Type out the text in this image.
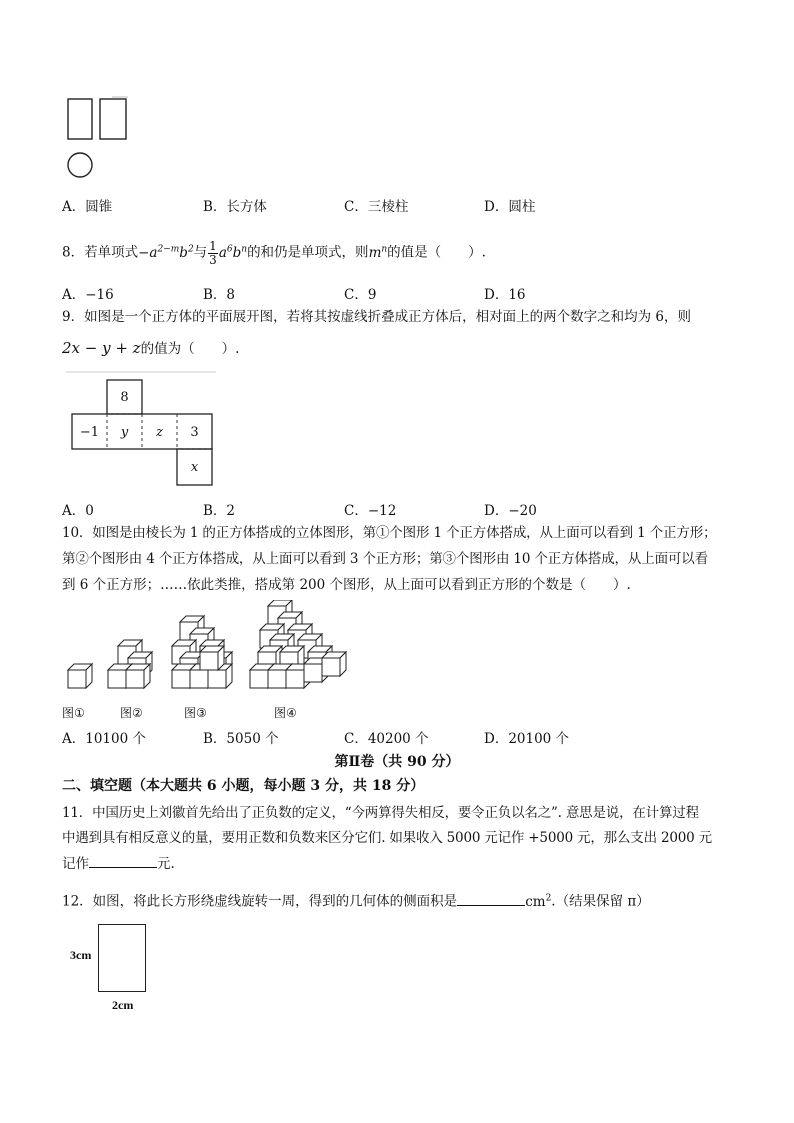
A．圆锥	B．长方体	C．三棱柱	D．圆柱
8．若单项式$-a^{2-m}b^2$与 $\frac{1}{3} a^6b^n$的和仍是单项式，则$m^n$的值是（　　）.
A．−16	B．8	C．9	D．16
9．如图是一个正方体的平面展开图，若将其按虚线折叠成正方体后，相对面上的两个数字之和均为 6，则
2x − y + z的值为（　　）.
8
−1	y	z	3
x
A．0	B．2	C．−12	D．−20
10．如图是由棱长为 1 的正方体搭成的立体图形，第①个图形 1 个正方体搭成，从上面可以看到 1 个正方形；
第②个图形由 4 个正方体搭成，从上面可以看到 3 个正方形；第③个图形由 10 个正方体搭成，从上面可以看
到 6 个正方形；……依此类推，搭成第 200 个图形，从上面可以看到正方形的个数是（　　）.
图①	图②	图③	图④
A．10100 个	B．5050 个	C．40200 个	D．20100 个
第Ⅱ卷（共 90 分）
二、填空题（本大题共 6 小题，每小题 3 分，共 18 分）
11．中国历史上刘徽首先给出了正负数的定义，“今两算得失相反，要令正负以名之”. 意思是说，在计算过程
中遇到具有相反意义的量，要用正数和负数来区分它们. 如果收入 5000 元记作 +5000 元，那么支出 2000 元
记作	元.
12．如图，将此长方形绕虚线旋转一周，得到的几何体的侧面积是	$cm^2$.（结果保留 π）
3cm
2cm
